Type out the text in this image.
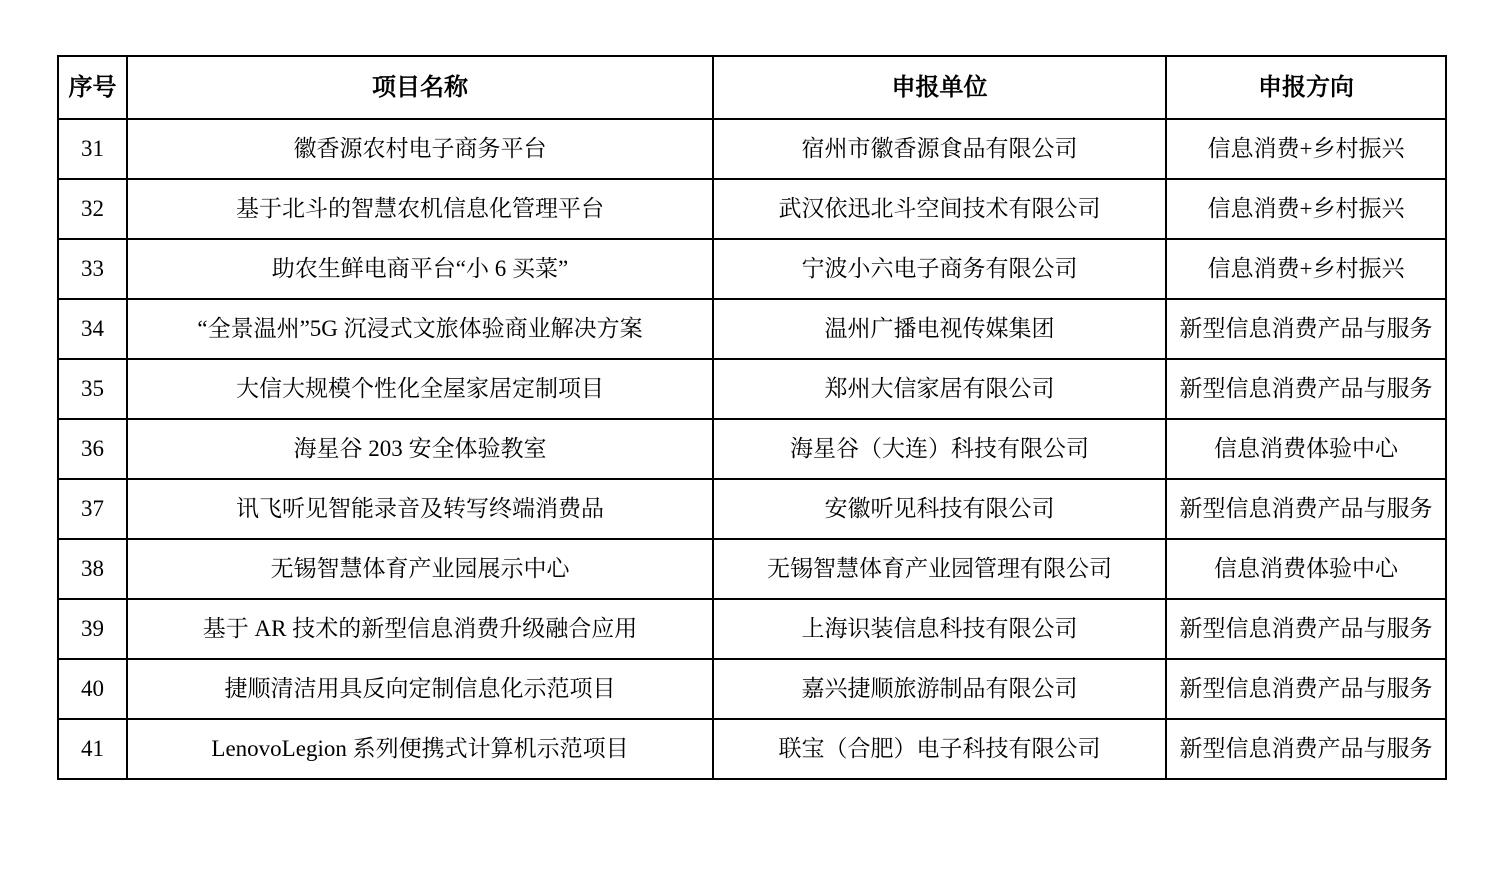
序号	项目名称	申报单位	申报方向
31	徽香源农村电子商务平台	宿州市徽香源食品有限公司	信息消费+乡村振兴
32	基于北斗的智慧农机信息化管理平台	武汉依迅北斗空间技术有限公司	信息消费+乡村振兴
33	助农生鲜电商平台“小 6 买菜”	宁波小六电子商务有限公司	信息消费+乡村振兴
34	“全景温州”5G 沉浸式文旅体验商业解决方案	温州广播电视传媒集团	新型信息消费产品与服务
35	大信大规模个性化全屋家居定制项目	郑州大信家居有限公司	新型信息消费产品与服务
36	海星谷 203 安全体验教室	海星谷（大连）科技有限公司	信息消费体验中心
37	讯飞听见智能录音及转写终端消费品	安徽听见科技有限公司	新型信息消费产品与服务
38	无锡智慧体育产业园展示中心	无锡智慧体育产业园管理有限公司	信息消费体验中心
39	基于 AR 技术的新型信息消费升级融合应用	上海识装信息科技有限公司	新型信息消费产品与服务
40	捷顺清洁用具反向定制信息化示范项目	嘉兴捷顺旅游制品有限公司	新型信息消费产品与服务
41	LenovoLegion 系列便携式计算机示范项目	联宝（合肥）电子科技有限公司	新型信息消费产品与服务
